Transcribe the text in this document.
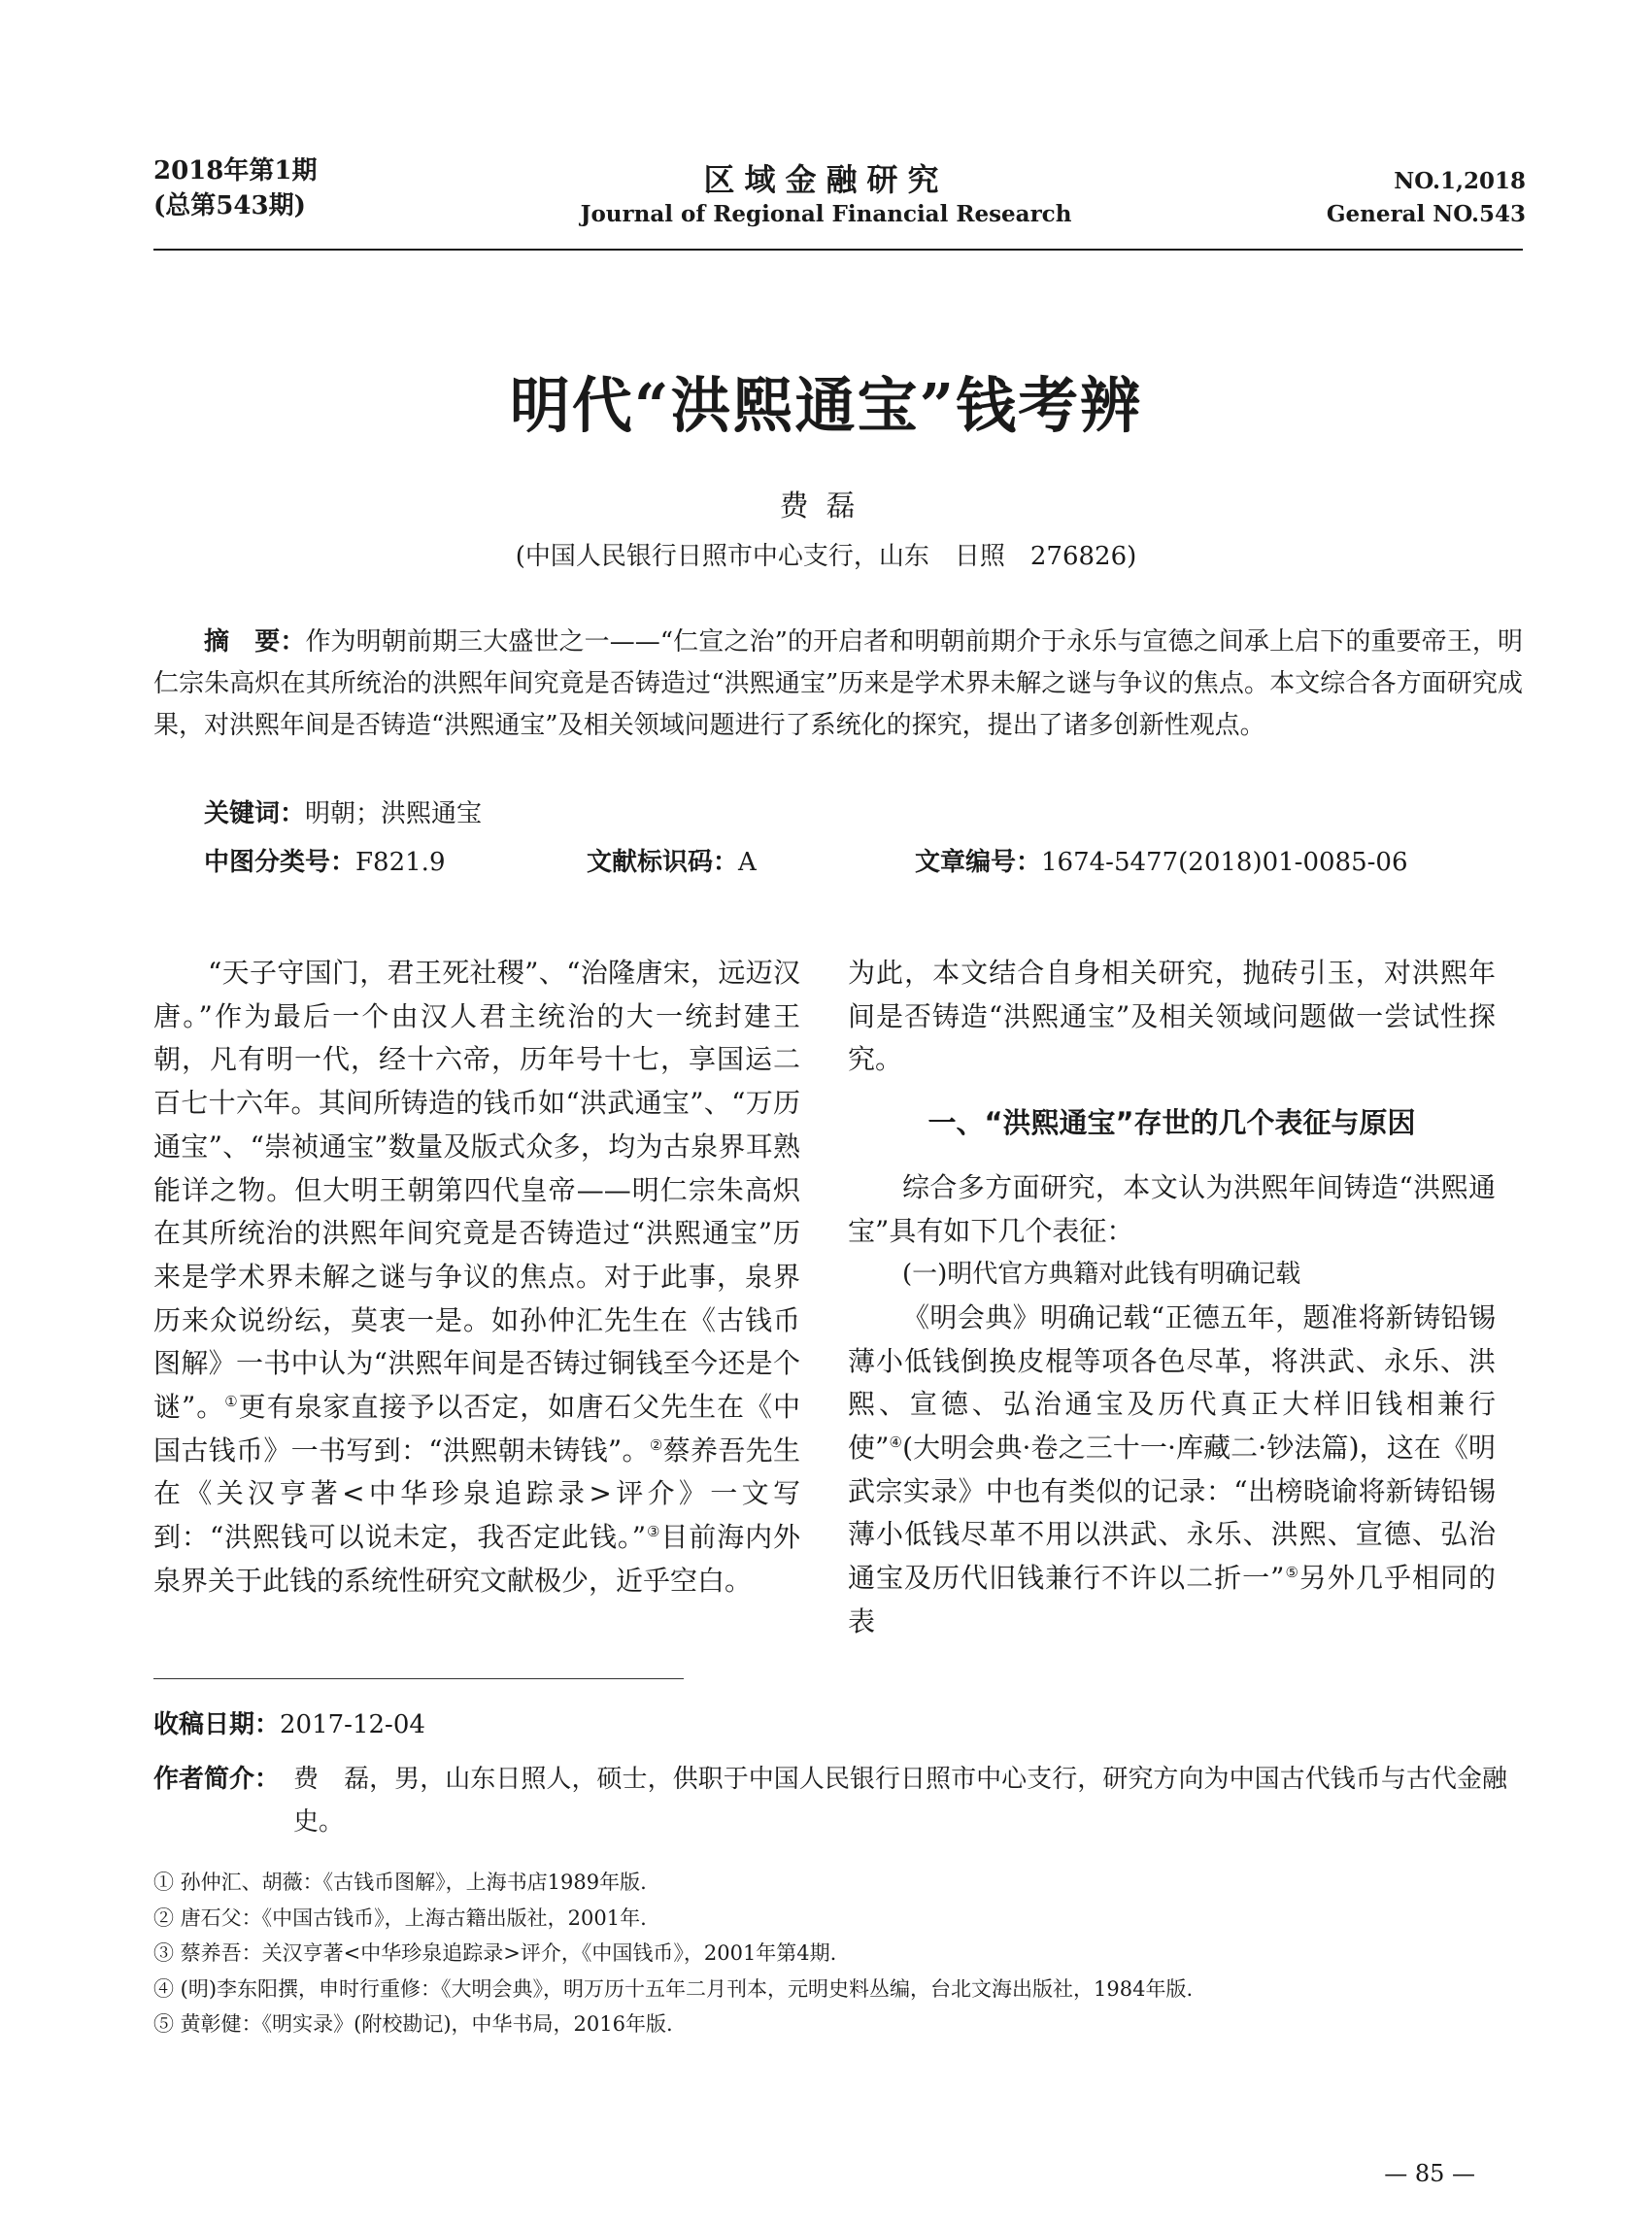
2018年第1期
(总第543期)
区域金融研究
Journal of Regional Financial Research
NO.1,2018
General NO.543
明代“洪熙通宝”钱考辨
费磊
(中国人民银行日照市中心支行，山东　日照　276826)
摘　要：作为明朝前期三大盛世之一——“仁宣之治”的开启者和明朝前期介于永乐与宣德之间承上启下的重要帝王，明仁宗朱高炽在其所统治的洪熙年间究竟是否铸造过“洪熙通宝”历来是学术界未解之谜与争议的焦点。本文综合各方面研究成果，对洪熙年间是否铸造“洪熙通宝”及相关领域问题进行了系统化的探究，提出了诸多创新性观点。
关键词：明朝；洪熙通宝
中图分类号：F821.9	文献标识码：A	文章编号：1674-5477(2018)01-0085-06

“天子守国门，君王死社稷”、“治隆唐宋，远迈汉唐。”作为最后一个由汉人君主统治的大一统封建王朝，凡有明一代，经十六帝，历年号十七，享国运二百七十六年。其间所铸造的钱币如“洪武通宝”、“万历通宝”、“崇祯通宝”数量及版式众多，均为古泉界耳熟能详之物。但大明王朝第四代皇帝——明仁宗朱高炽在其所统治的洪熙年间究竟是否铸造过“洪熙通宝”历来是学术界未解之谜与争议的焦点。对于此事，泉界历来众说纷纭，莫衷一是。如孙仲汇先生在《古钱币图解》一书中认为“洪熙年间是否铸过铜钱至今还是个谜”。①更有泉家直接予以否定，如唐石父先生在《中国古钱币》一书写到：“洪熙朝未铸钱”。②蔡养吾先生在《关汉亨著<中华珍泉追踪录>评介》一文写到：“洪熙钱可以说未定，我否定此钱。”③目前海内外泉界关于此钱的系统性研究文献极少，近乎空白。

为此，本文结合自身相关研究，抛砖引玉，对洪熙年间是否铸造“洪熙通宝”及相关领域问题做一尝试性探究。

一、“洪熙通宝”存世的几个表征与原因

综合多方面研究，本文认为洪熙年间铸造“洪熙通宝”具有如下几个表征：

(一)明代官方典籍对此钱有明确记载

《明会典》明确记载“正德五年，题准将新铸铅锡薄小低钱倒换皮棍等项各色尽革，将洪武、永乐、洪熙、宣德、弘治通宝及历代真正大样旧钱相兼行使”④(大明会典·卷之三十一·库藏二·钞法篇)，这在《明武宗实录》中也有类似的记录：“出榜晓谕将新铸铅锡薄小低钱尽革不用以洪武、永乐、洪熙、宣德、弘治通宝及历代旧钱兼行不许以二折一”⑤另外几乎相同的表

收稿日期：2017-12-04
作者简介： 费　磊，男，山东日照人，硕士，供职于中国人民银行日照市中心支行，研究方向为中国古代钱币与古代金融史。
① 孙仲汇、胡薇：《古钱币图解》，上海书店1989年版.
② 唐石父：《中国古钱币》，上海古籍出版社，2001年.
③ 蔡养吾：关汉亨著<中华珍泉追踪录>评介，《中国钱币》，2001年第4期.
④ (明)李东阳撰，申时行重修：《大明会典》，明万历十五年二月刊本，元明史料丛编，台北文海出版社，1984年版.
⑤ 黄彰健：《明实录》(附校勘记)，中华书局，2016年版.
— 85 —
